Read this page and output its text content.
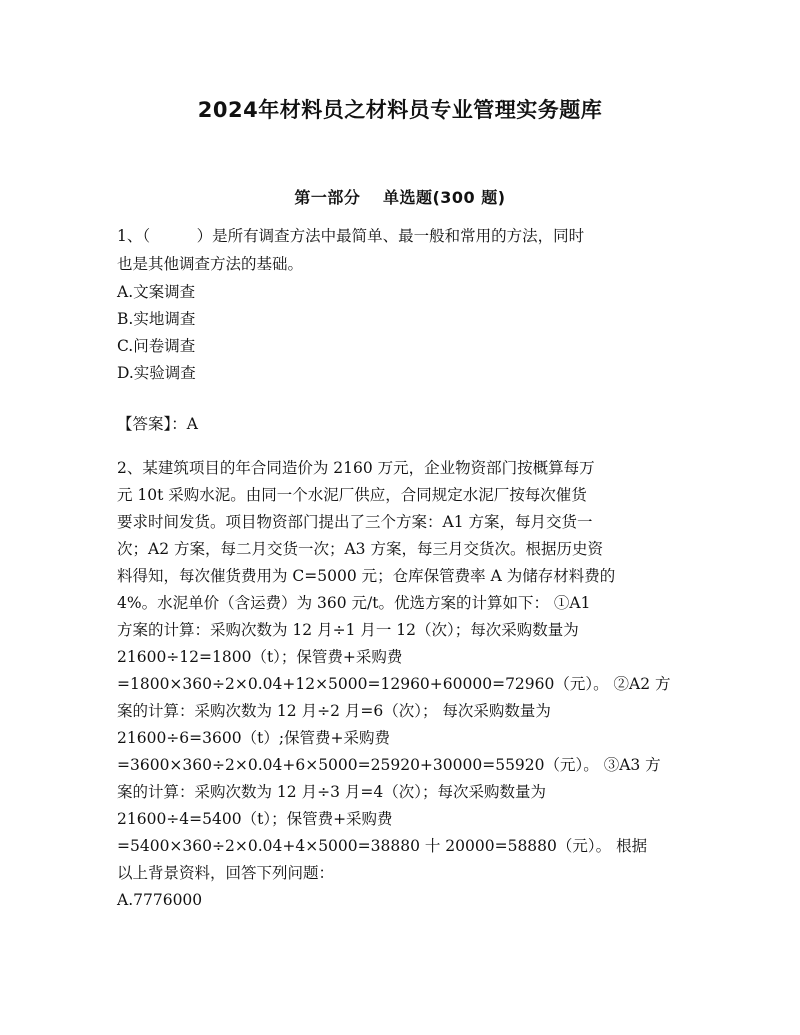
2024年材料员之材料员专业管理实务题库
第一部分　 单选题(300 题)
1、（　　　）是所有调查方法中最简单、最一般和常用的方法，同时
也是其他调查方法的基础。
A.文案调查
B.实地调查
C.问卷调查
D.实验调查
【答案】：A
2、某建筑项目的年合同造价为 2160 万元，企业物资部门按概算每万
元 10t 采购水泥。由同一个水泥厂供应，合同规定水泥厂按每次催货
要求时间发货。项目物资部门提出了三个方案：A1 方案，每月交货一
次；A2 方案，每二月交货一次；A3 方案，每三月交货次。根据历史资
料得知，每次催货费用为 C=5000 元；仓库保管费率 A 为储存材料费的
4%。水泥单价（含运费）为 360 元/t。优选方案的计算如下： ①A1
方案的计算：采购次数为 12 月÷1 月一 12（次）；每次采购数量为
21600÷12=1800（t）；保管费+采购费
=1800×360÷2×0.04+12×5000=12960+60000=72960（元）。 ②A2 方
案的计算：采购次数为 12 月÷2 月=6（次）； 每次采购数量为
21600÷6=3600（t）;保管费+采购费
=3600×360÷2×0.04+6×5000=25920+30000=55920（元）。 ③A3 方
案的计算：采购次数为 12 月÷3 月=4（次）；每次采购数量为
21600÷4=5400（t）；保管费+采购费
=5400×360÷2×0.04+4×5000=38880 十 20000=58880（元）。 根据
以上背景资料，回答下列问题：
A.7776000
